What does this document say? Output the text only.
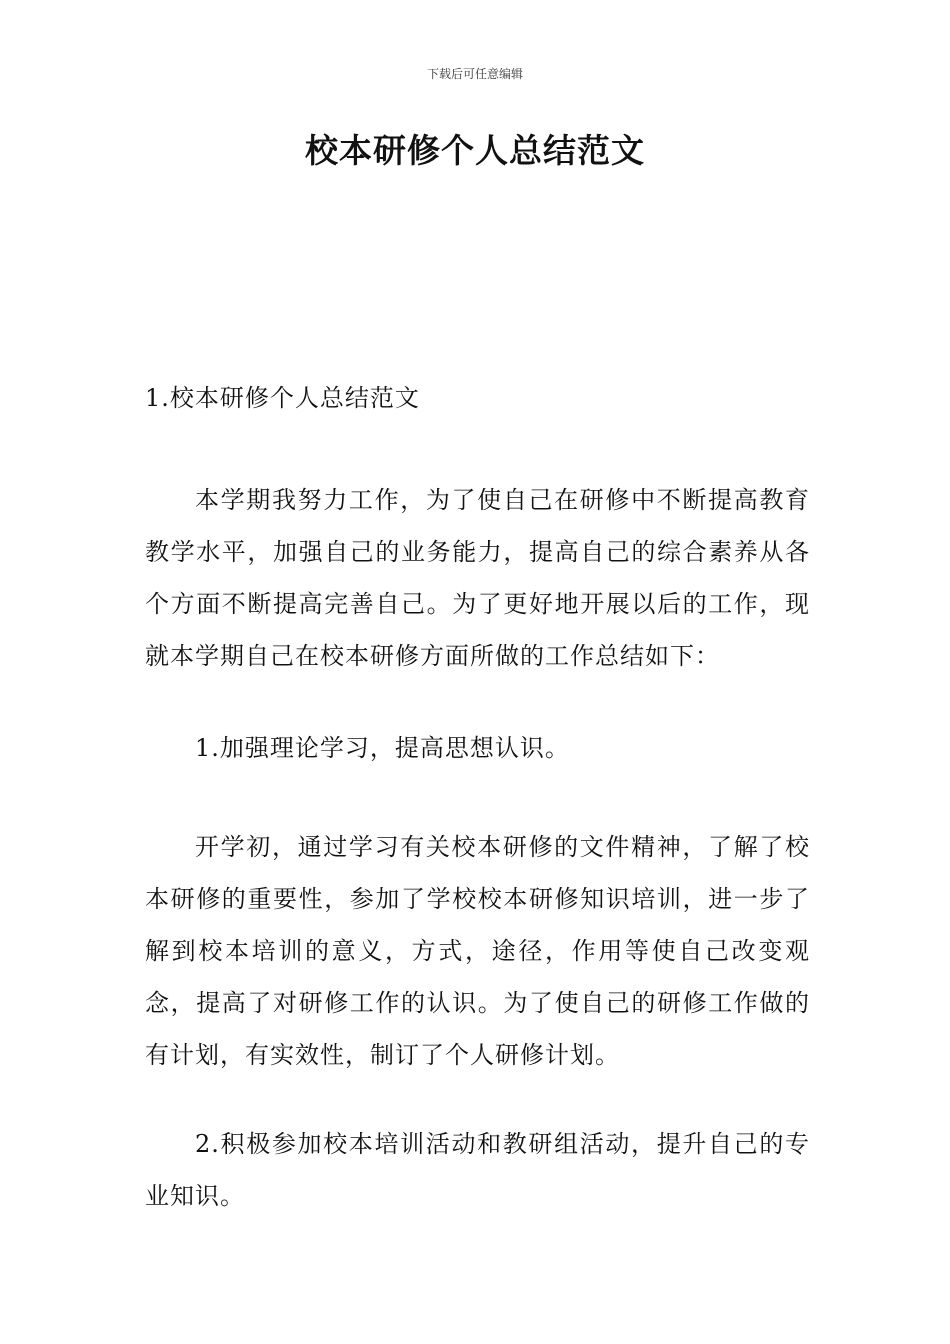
下载后可任意编辑
校本研修个人总结范文

1.校本研修个人总结范文

本学期我努力工作，为了使自己在研修中不断提高教育教学水平，加强自己的业务能力，提高自己的综合素养从各个方面不断提高完善自己。为了更好地开展以后的工作，现就本学期自己在校本研修方面所做的工作总结如下：

1.加强理论学习，提高思想认识。

开学初，通过学习有关校本研修的文件精神，了解了校本研修的重要性，参加了学校校本研修知识培训，进一步了解到校本培训的意义，方式，途径，作用等使自己改变观念，提高了对研修工作的认识。为了使自己的研修工作做的有计划，有实效性，制订了个人研修计划。

2.积极参加校本培训活动和教研组活动，提升自己的专业知识。
